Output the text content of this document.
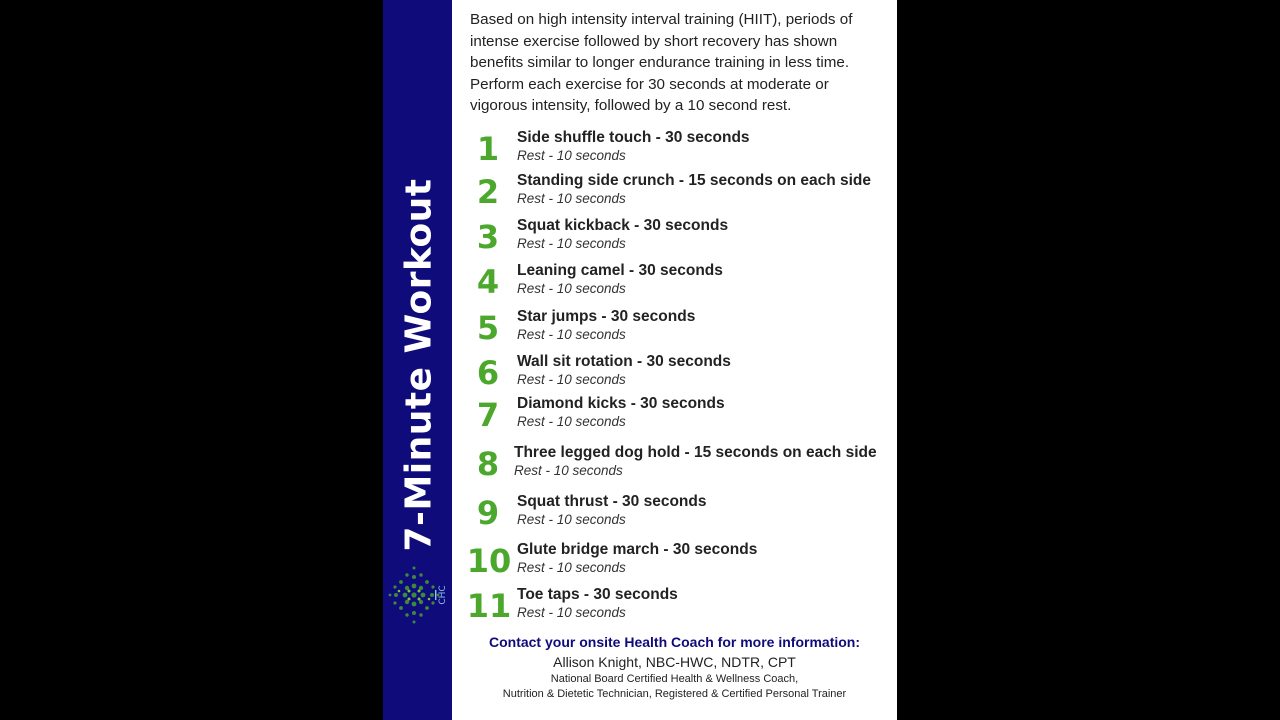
7-Minute Workout
CHC

Based on high intensity interval training (HIIT), periods of intense exercise followed by short recovery has shown benefits similar to longer endurance training in less time. Perform each exercise for 30 seconds at moderate or vigorous intensity, followed by a 10 second rest.

1	Side shuffle touch - 30 seconds
Rest - 10 seconds
2	Standing side crunch - 15 seconds on each side
Rest - 10 seconds
3	Squat kickback - 30 seconds
Rest - 10 seconds
4	Leaning camel - 30 seconds
Rest - 10 seconds
5	Star jumps - 30 seconds
Rest - 10 seconds
6	Wall sit rotation - 30 seconds
Rest - 10 seconds
7	Diamond kicks - 30 seconds
Rest - 10 seconds
8 Three legged dog hold - 15 seconds on each side
Rest - 10 seconds
9	Squat thrust - 30 seconds
Rest - 10 seconds
10 Glute bridge march - 30 seconds
Rest - 10 seconds
11 Toe taps - 30 seconds
Rest - 10 seconds
Contact your onsite Health Coach for more information:
Allison Knight, NBC-HWC, NDTR, CPT
National Board Certified Health & Wellness Coach,
Nutrition & Dietetic Technician, Registered & Certified Personal Trainer
